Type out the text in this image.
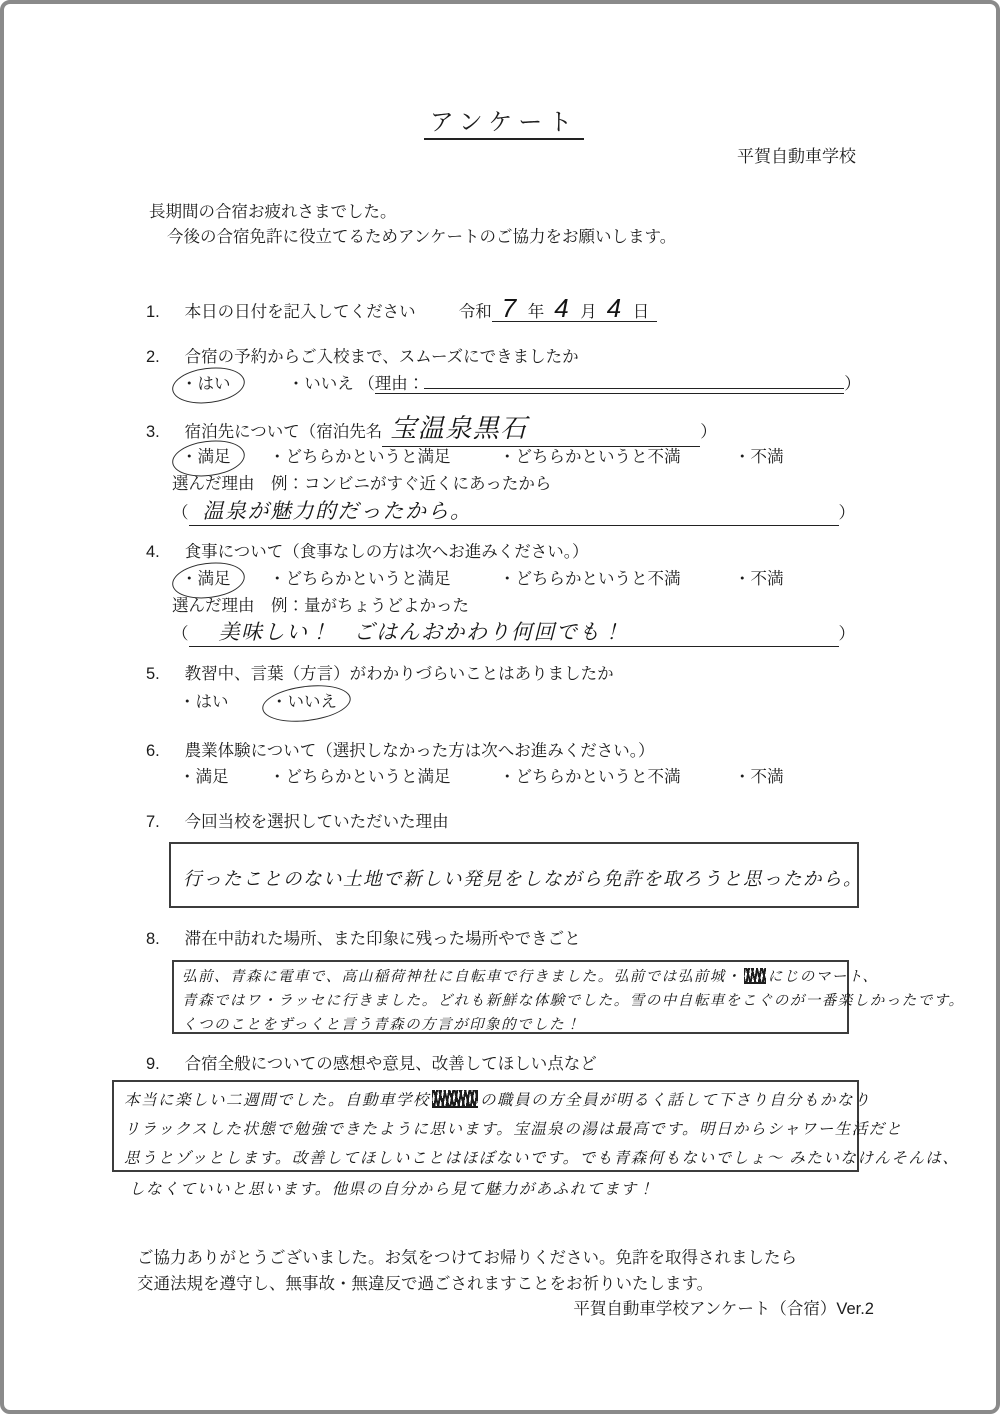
アンケート
平賀自動車学校
長期間の合宿お疲れさまでした。
今後の合宿免許に役立てるためアンケートのご協力をお願いします。
1. 本日の日付を記入してください	令和 7 年 4 月 4 日
2. 合宿の予約からご入校まで、スムーズにできましたか
・はい	・いいえ （理由：	）
3. 宿泊先について（宿泊先名 宝温泉黒石	）
・満足 ・どちらかというと満足	・どちらかというと不満	・不満
選んだ理由　例：コンビニがすぐ近くにあったから
（ 温泉が魅力的だったから。	）
4. 食事について（食事なしの方は次へお進みください。）
・満足 ・どちらかというと満足	・どちらかというと不満	・不満
選んだ理由　例：量がちょうどよかった
（ 美味しい！　ごはんおかわり何回でも！	）
5. 教習中、言葉（方言）がわかりづらいことはありましたか
・はい	・いいえ
6. 農業体験について（選択しなかった方は次へお進みください。）
・満足 ・どちらかというと満足	・どちらかというと不満	・不満
7. 今回当校を選択していただいた理由
行ったことのない土地で新しい発見をしながら免許を取ろうと思ったから。
8. 滞在中訪れた場所、また印象に残った場所やできごと
弘前、青森に電車で、高山稲荷神社に自転車で行きました。弘前では弘前城・ にじのマート、
青森ではワ・ラッセに行きました。どれも新鮮な体験でした。雪の中自転車をこぐのが一番楽しかったです。
くつのことをずっくと言う青森の方言が印象的でした！
9. 合宿全般についての感想や意見、改善してほしい点など
本当に楽しい二週間でした。自動車学校	の職員の方全員が明るく話して下さり自分もかなり
リラックスした状態で勉強できたように思います。宝温泉の湯は最高です。明日からシャワー生活だと
思うとゾッとします。改善してほしいことはほぼないです。でも青森何もないでしょ〜 みたいなけんそんは、
しなくていいと思います。他県の自分から見て魅力があふれてます！
ご協力ありがとうございました。お気をつけてお帰りください。免許を取得されましたら
交通法規を遵守し、無事故・無違反で過ごされますことをお祈りいたします。
平賀自動車学校アンケート（合宿）Ver.2
